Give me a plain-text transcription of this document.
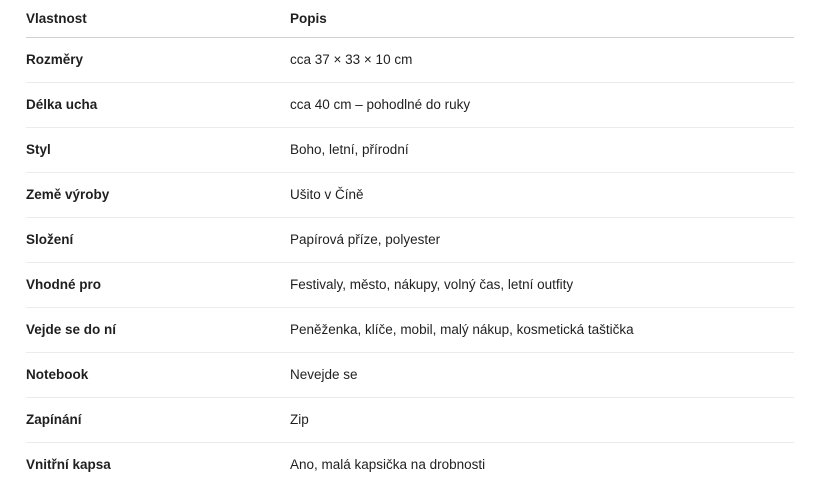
Vlastnost	Popis
Rozměry	cca 37 × 33 × 10 cm
Délka ucha	cca 40 cm – pohodlné do ruky
Styl	Boho, letní, přírodní
Země výroby	Ušito v Číně
Složení	Papírová příze, polyester
Vhodné pro	Festivaly, město, nákupy, volný čas, letní outfity
Vejde se do ní	Peněženka, klíče, mobil, malý nákup, kosmetická taštička
Notebook	Nevejde se
Zapínání	Zip
Vnitřní kapsa	Ano, malá kapsička na drobnosti
